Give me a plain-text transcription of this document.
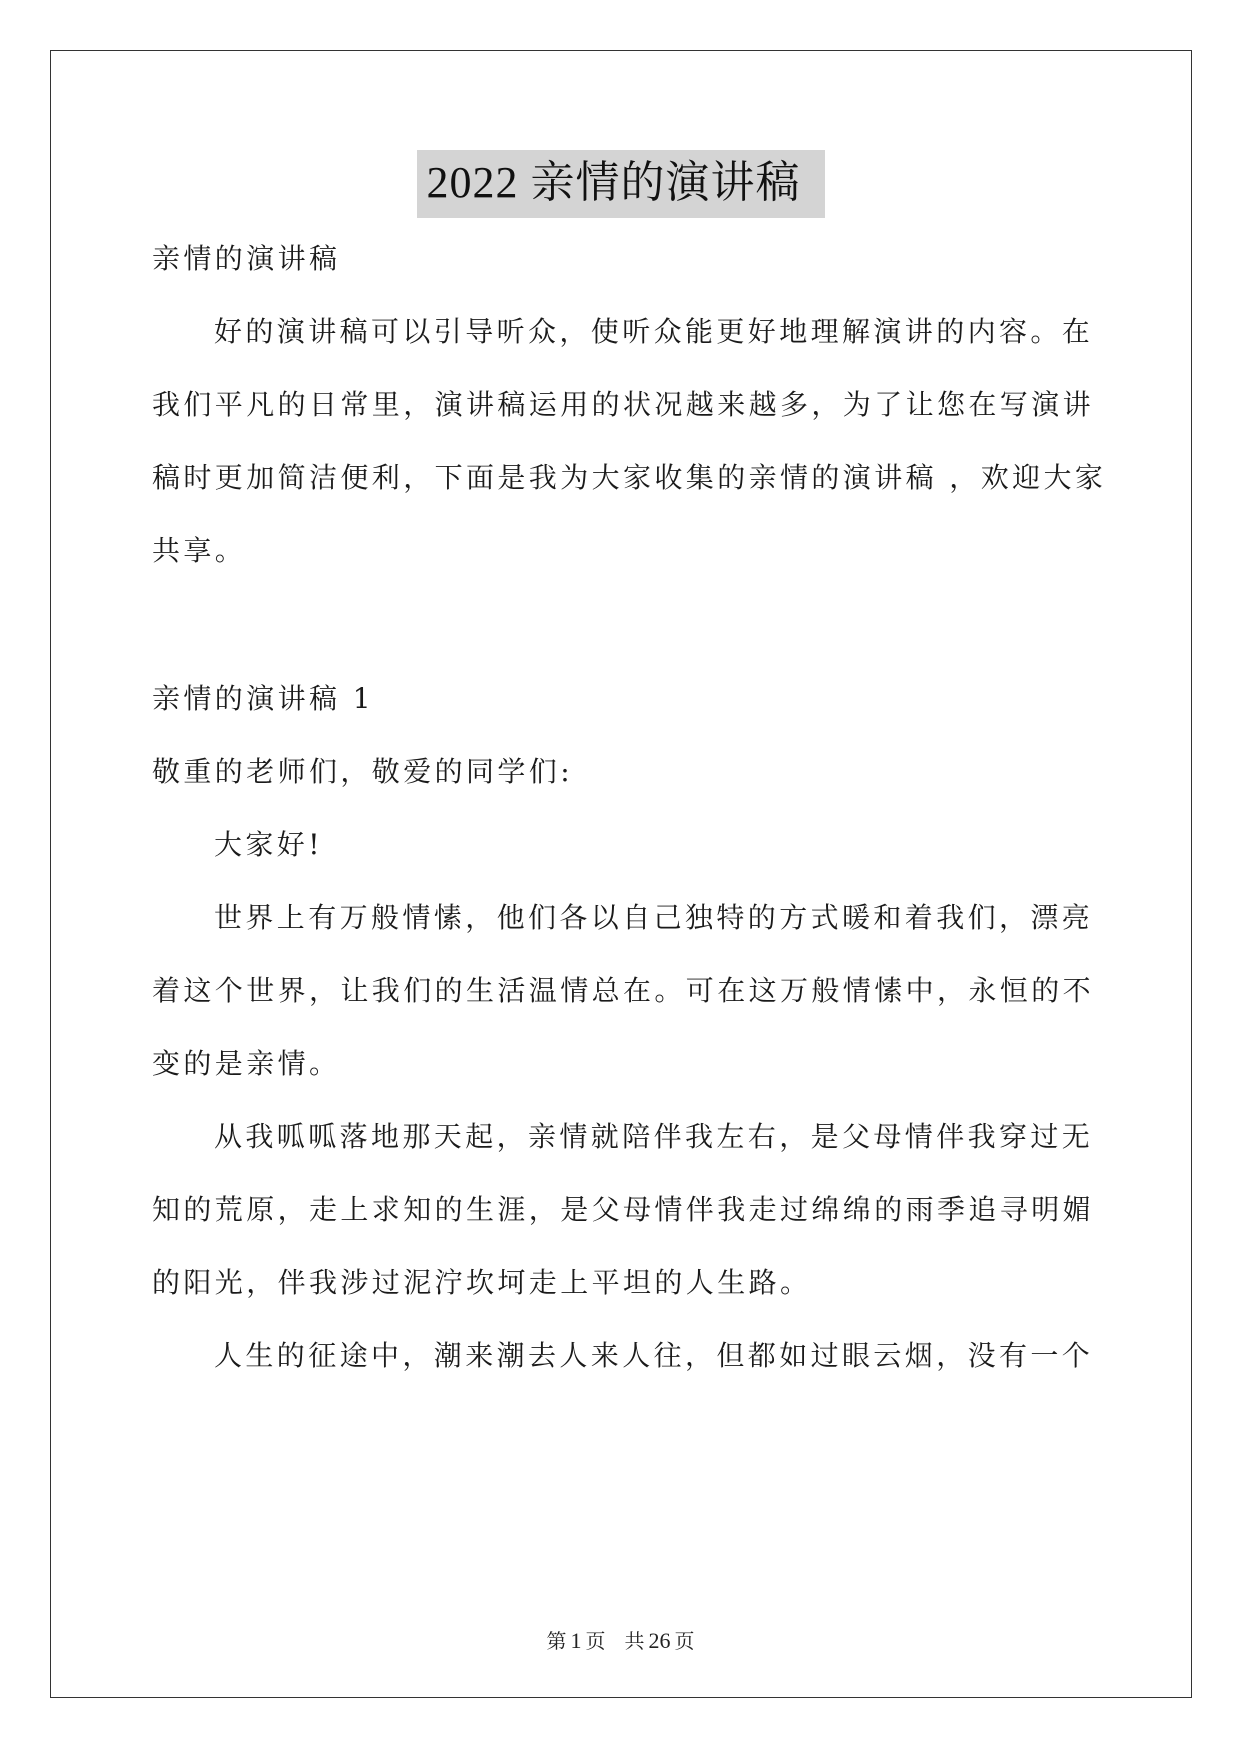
2022 亲情的演讲稿
亲情的演讲稿
好的演讲稿可以引导听众，使听众能更好地理解演讲的内容。在
我们平凡的日常里，演讲稿运用的状况越来越多，为了让您在写演讲
稿时更加简洁便利，下面是我为大家收集的亲情的演讲稿 ，欢迎大家
共享。
亲情的演讲稿 1
敬重的老师们，敬爱的同学们:
大家好!
世界上有万般情愫，他们各以自己独特的方式暖和着我们，漂亮
着这个世界，让我们的生活温情总在。可在这万般情愫中，永恒的不
变的是亲情。
从我呱呱落地那天起，亲情就陪伴我左右，是父母情伴我穿过无
知的荒原，走上求知的生涯，是父母情伴我走过绵绵的雨季追寻明媚
的阳光，伴我涉过泥泞坎坷走上平坦的人生路。
人生的征途中，潮来潮去人来人往，但都如过眼云烟，没有一个
第 1 页 共 26 页
